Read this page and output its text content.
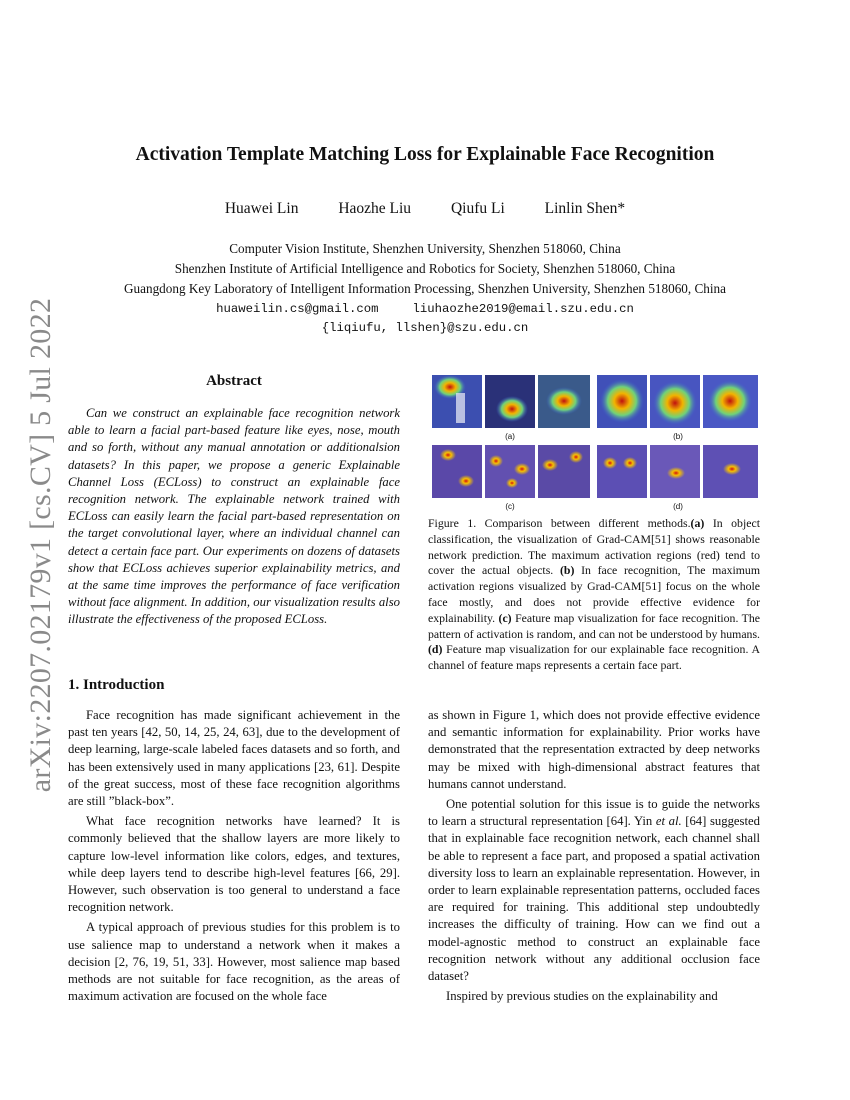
arXiv:2207.02179v1 [cs.CV] 5 Jul 2022
Activation Template Matching Loss for Explainable Face Recognition
Huawei Lin	Haozhe Liu	Qiufu Li	Linlin Shen*
Computer Vision Institute, Shenzhen University, Shenzhen 518060, China
Shenzhen Institute of Artificial Intelligence and Robotics for Society, Shenzhen 518060, China
Guangdong Key Laboratory of Intelligent Information Processing, Shenzhen University, Shenzhen 518060, China
huaweilin.cs@gmail.com	liuhaozhe2019@email.szu.edu.cn
{liqiufu, llshen}@szu.edu.cn
Abstract

Can we construct an explainable face recognition network able to learn a facial part-based feature like eyes, nose, mouth and so forth, without any manual annotation or additionalsion datasets? In this paper, we propose a generic Explainable Channel Loss (ECLoss) to construct an explainable face recognition network. The explainable network trained with ECLoss can easily learn the facial part-based representation on the target convolutional layer, where an individual channel can detect a certain face part. Our experiments on dozens of datasets show that ECLoss achieves superior explainability metrics, and at the same time improves the performance of face verification without face alignment. In addition, our visualization results also illustrate the effectiveness of the proposed ECLoss.

1. Introduction

Face recognition has made significant achievement in the past ten years [42, 50, 14, 25, 24, 63], due to the development of deep learning, large-scale labeled faces datasets and so forth, and has been extensively used in many applications [23, 61]. Despite of the great success, most of these face recognition algorithms are still ”black-box”.

What face recognition networks have learned? It is commonly believed that the shallow layers are more likely to capture low-level information like colors, edges, and textures, while deep layers tend to describe high-level features [66, 29]. However, such observation is too general to understand a face recognition network.

A typical approach of previous studies for this problem is to use salience map to understand a network when it makes a decision [2, 76, 19, 51, 33]. However, most salience map based methods are not suitable for face recognition, as the areas of maximum activation are focused on the whole face

(a)	(b)
(c)	(d)

Figure 1. Comparison between different methods.(a) In object classification, the visualization of Grad-CAM[51] shows reasonable network prediction. The maximum activation regions (red) tend to cover the actual objects. (b) In face recognition, The maximum activation regions visualized by Grad-CAM[51] focus on the whole face mostly, and does not provide effective evidence for explainability. (c) Feature map visualization for face recognition. The pattern of activation is random, and can not be understood by humans. (d) Feature map visualization for our explainable face recognition. A channel of feature maps represents a certain face part.

as shown in Figure 1, which does not provide effective evidence and semantic information for explainability. Prior works have demonstrated that the representation extracted by deep networks may be mixed with high-dimensional abstract features that humans cannot understand.

One potential solution for this issue is to guide the networks to learn a structural representation [64]. Yin et al. [64] suggested that in explainable face recognition network, each channel shall be able to represent a face part, and proposed a spatial activation diversity loss to learn an explainable representation. However, in order to learn explainable representation patterns, occluded faces are required for training. This additional step undoubtedly increases the difficulty of training. How can we find out a model-agnostic method to construct an explainable face recognition network without any additional occlusion face dataset?

Inspired by previous studies on the explainability and
